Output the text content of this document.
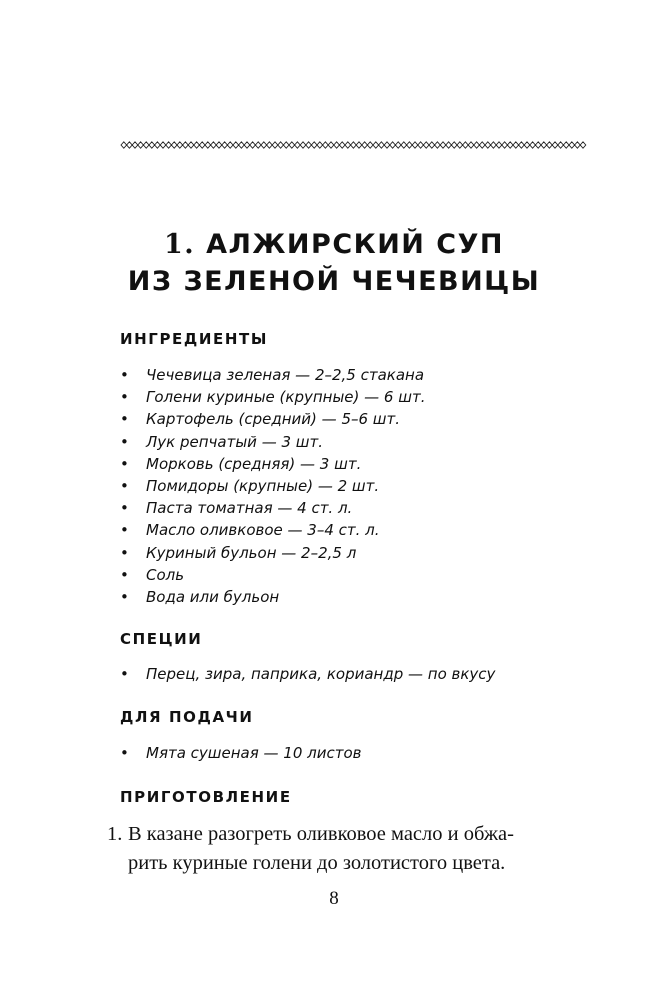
1. АЛЖИРСКИЙ СУП
ИЗ ЗЕЛЕНОЙ ЧЕЧЕВИЦЫ
ИНГРЕДИЕНТЫ
• Чечевица зеленая — 2–2,5 стакана
• Голени куриные (крупные) — 6 шт.
• Картофель (средний) — 5–6 шт.
• Лук репчатый — 3 шт.
• Морковь (средняя) — 3 шт.
• Помидоры (крупные) — 2 шт.
• Паста томатная — 4 ст. л.
• Масло оливковое — 3–4 ст. л.
• Куриный бульон — 2–2,5 л
• Соль
• Вода или бульон
СПЕЦИИ
• Перец, зира, паприка, кориандр — по вкусу
ДЛЯ ПОДАЧИ
• Мята сушеная — 10 листов
ПРИГОТОВЛЕНИЕ
1. В казане разогреть оливковое масло и обжа-
рить куриные голени до золотистого цвета.
8
